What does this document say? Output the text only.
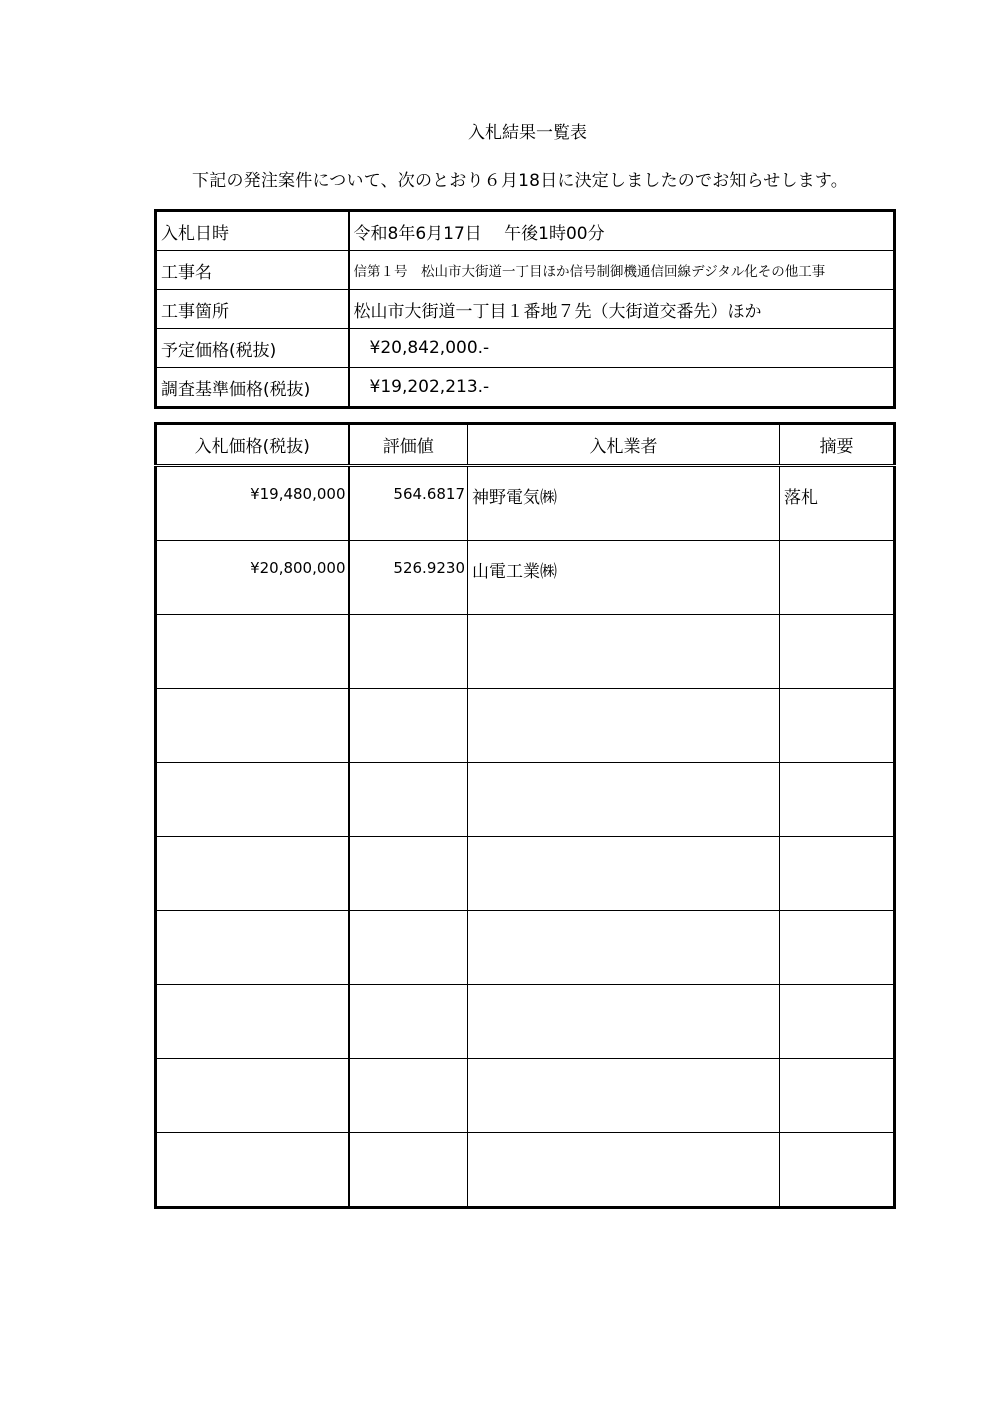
入札結果一覧表
下記の発注案件について、次のとおり６月18日に決定しましたのでお知らせします。
入札日時	令和8年6月17日　 午後1時00分
工事名	信第１号　松山市大街道一丁目ほか信号制御機通信回線デジタル化その他工事
工事箇所	松山市大街道一丁目１番地７先（大街道交番先）ほか
予定価格(税抜)	¥20,842,000.-
調査基準価格(税抜)	¥19,202,213.-
入札価格(税抜)	評価値	入札業者	摘要
¥19,480,000	564.6817	神野電気㈱	落札
¥20,800,000	526.9230	山電工業㈱	
